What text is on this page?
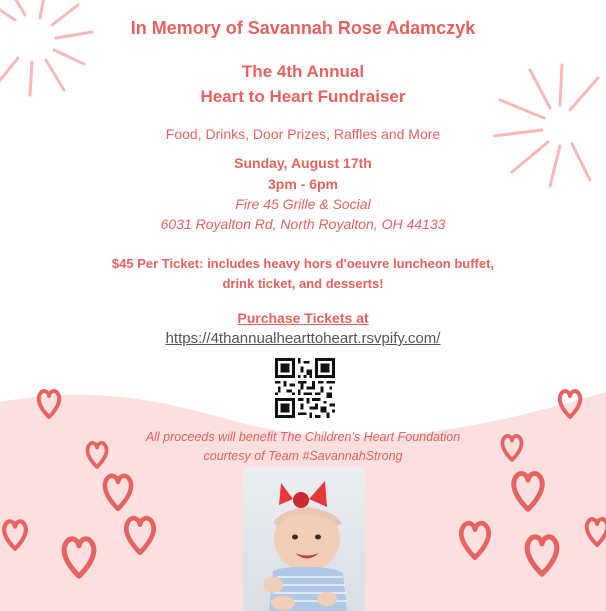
In Memory of Savannah Rose Adamczyk
The 4th Annual
Heart to Heart Fundraiser
Food, Drinks, Door Prizes, Raffles and More
Sunday, August 17th
3pm - 6pm
Fire 45 Grille & Social
6031 Royalton Rd, North Royalton, OH 44133
$45 Per Ticket: includes heavy hors d'oeuvre luncheon buffet,
drink ticket, and desserts!
Purchase Tickets at
https://4thannualhearttoheart.rsvpify.com/
All proceeds will benefit The Children's Heart Foundation
courtesy of Team #SavannahStrong
